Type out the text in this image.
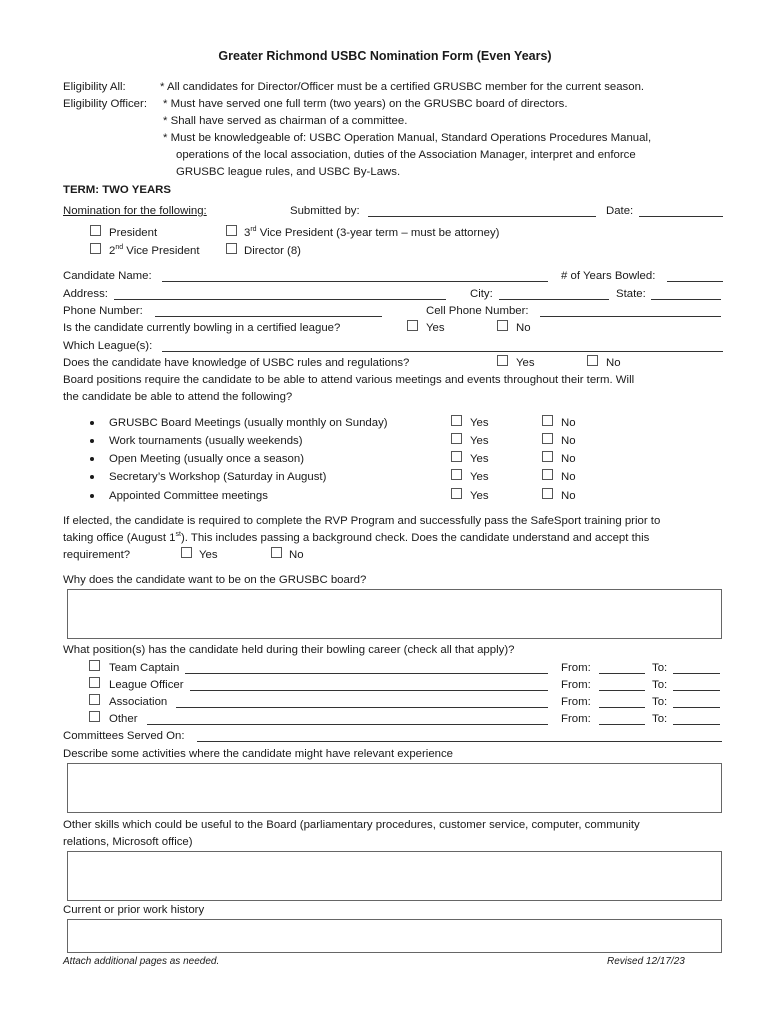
Greater Richmond USBC Nomination Form (Even Years)
Eligibility All:	* All candidates for Director/Officer must be a certified GRUSBC member for the current season.
Eligibility Officer: * Must have served one full term (two years) on the GRUSBC board of directors.
* Shall have served as chairman of a committee.
* Must be knowledgeable of: USBC Operation Manual, Standard Operations Procedures Manual,
operations of the local association, duties of the Association Manager, interpret and enforce
GRUSBC league rules, and USBC By-Laws.
TERM: TWO YEARS
Nomination for the following:	Submitted by:	Date:
President	3rd Vice President (3-year term – must be attorney)
2nd Vice President	Director (8)
Candidate Name:	# of Years Bowled:
Address:	City:	State:
Phone Number:	Cell Phone Number:
Is the candidate currently bowling in a certified league?	Yes	No
Which League(s):
Does the candidate have knowledge of USBC rules and regulations?	Yes	No
Board positions require the candidate to be able to attend various meetings and events throughout their term. Will
the candidate be able to attend the following?
GRUSBC Board Meetings (usually monthly on Sunday)	Yes	No
Work tournaments (usually weekends)	Yes	No
Open Meeting (usually once a season)	Yes	No
Secretary’s Workshop (Saturday in August)	Yes	No
Appointed Committee meetings	Yes	No
If elected, the candidate is required to complete the RVP Program and successfully pass the SafeSport training prior to
taking office (August 1st). This includes passing a background check. Does the candidate understand and accept this
requirement?	Yes	No
Why does the candidate want to be on the GRUSBC board?
What position(s) has the candidate held during their bowling career (check all that apply)?
Team Captain	From:	To:
League Officer	From:	To:
Association	From:	To:
Other	From:	To:
Committees Served On:
Describe some activities where the candidate might have relevant experience
Other skills which could be useful to the Board (parliamentary procedures, customer service, computer, community
relations, Microsoft office)
Current or prior work history
Attach additional pages as needed.	Revised 12/17/23
